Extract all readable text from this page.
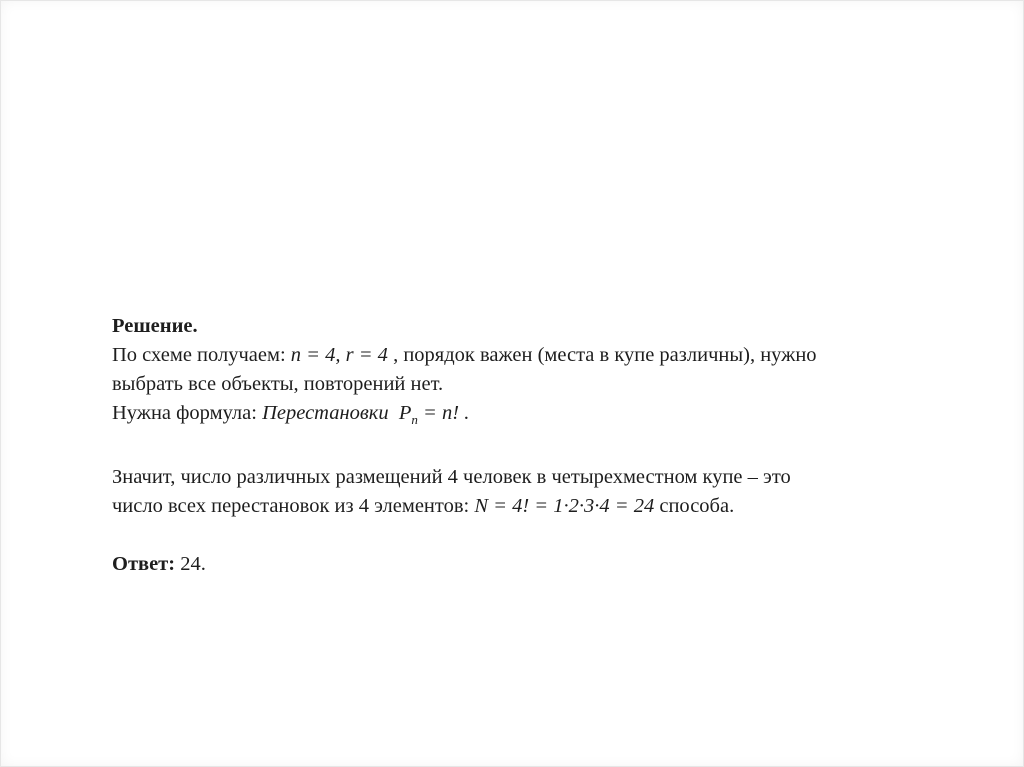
Решение.
По схеме получаем: n = 4, r = 4 , порядок важен (места в купе различны), нужно
выбрать все объекты, повторений нет.
Нужна формула: Перестановки $P_n = n$! .
Значит, число различных размещений 4 человек в четырехместном купе – это
число всех перестановок из 4 элементов: N = 4! = 1·2·3·4 = 24 способа.
Ответ: 24.
